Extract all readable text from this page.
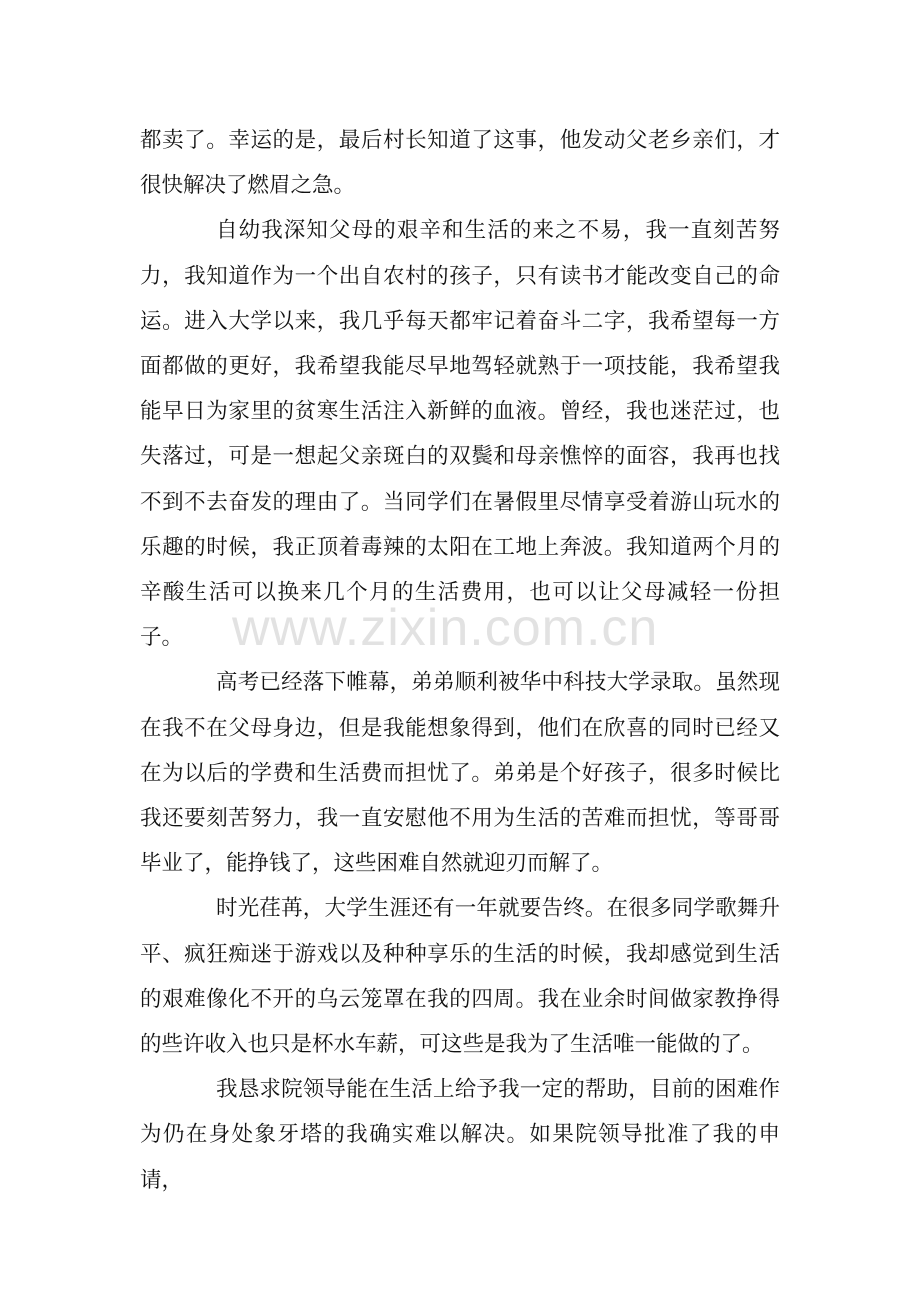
都卖了。幸运的是，最后村长知道了这事，他发动父老乡亲们，才很快解决了燃眉之急。

自幼我深知父母的艰辛和生活的来之不易，我一直刻苦努力，我知道作为一个出自农村的孩子，只有读书才能改变自己的命运。进入大学以来，我几乎每天都牢记着奋斗二字，我希望每一方面都做的更好，我希望我能尽早地驾轻就熟于一项技能，我希望我能早日为家里的贫寒生活注入新鲜的血液。曾经，我也迷茫过，也失落过，可是一想起父亲斑白的双鬓和母亲憔悴的面容，我再也找不到不去奋发的理由了。当同学们在暑假里尽情享受着游山玩水的乐趣的时候，我正顶着毒辣的太阳在工地上奔波。我知道两个月的辛酸生活可以换来几个月的生活费用，也可以让父母减轻一份担子。

高考已经落下帷幕，弟弟顺利被华中科技大学录取。虽然现在我不在父母身边，但是我能想象得到，他们在欣喜的同时已经又在为以后的学费和生活费而担忧了。弟弟是个好孩子，很多时候比我还要刻苦努力，我一直安慰他不用为生活的苦难而担忧，等哥哥毕业了，能挣钱了，这些困难自然就迎刃而解了。

时光荏苒，大学生涯还有一年就要告终。在很多同学歌舞升平、疯狂痴迷于游戏以及种种享乐的生活的时候，我却感觉到生活的艰难像化不开的乌云笼罩在我的四周。我在业余时间做家教挣得的些许收入也只是杯水车薪，可这些是我为了生活唯一能做的了。

我恳求院领导能在生活上给予我一定的帮助，目前的困难作为仍在身处象牙塔的我确实难以解决。如果院领导批准了我的申请，

www.zixin.com.cn
